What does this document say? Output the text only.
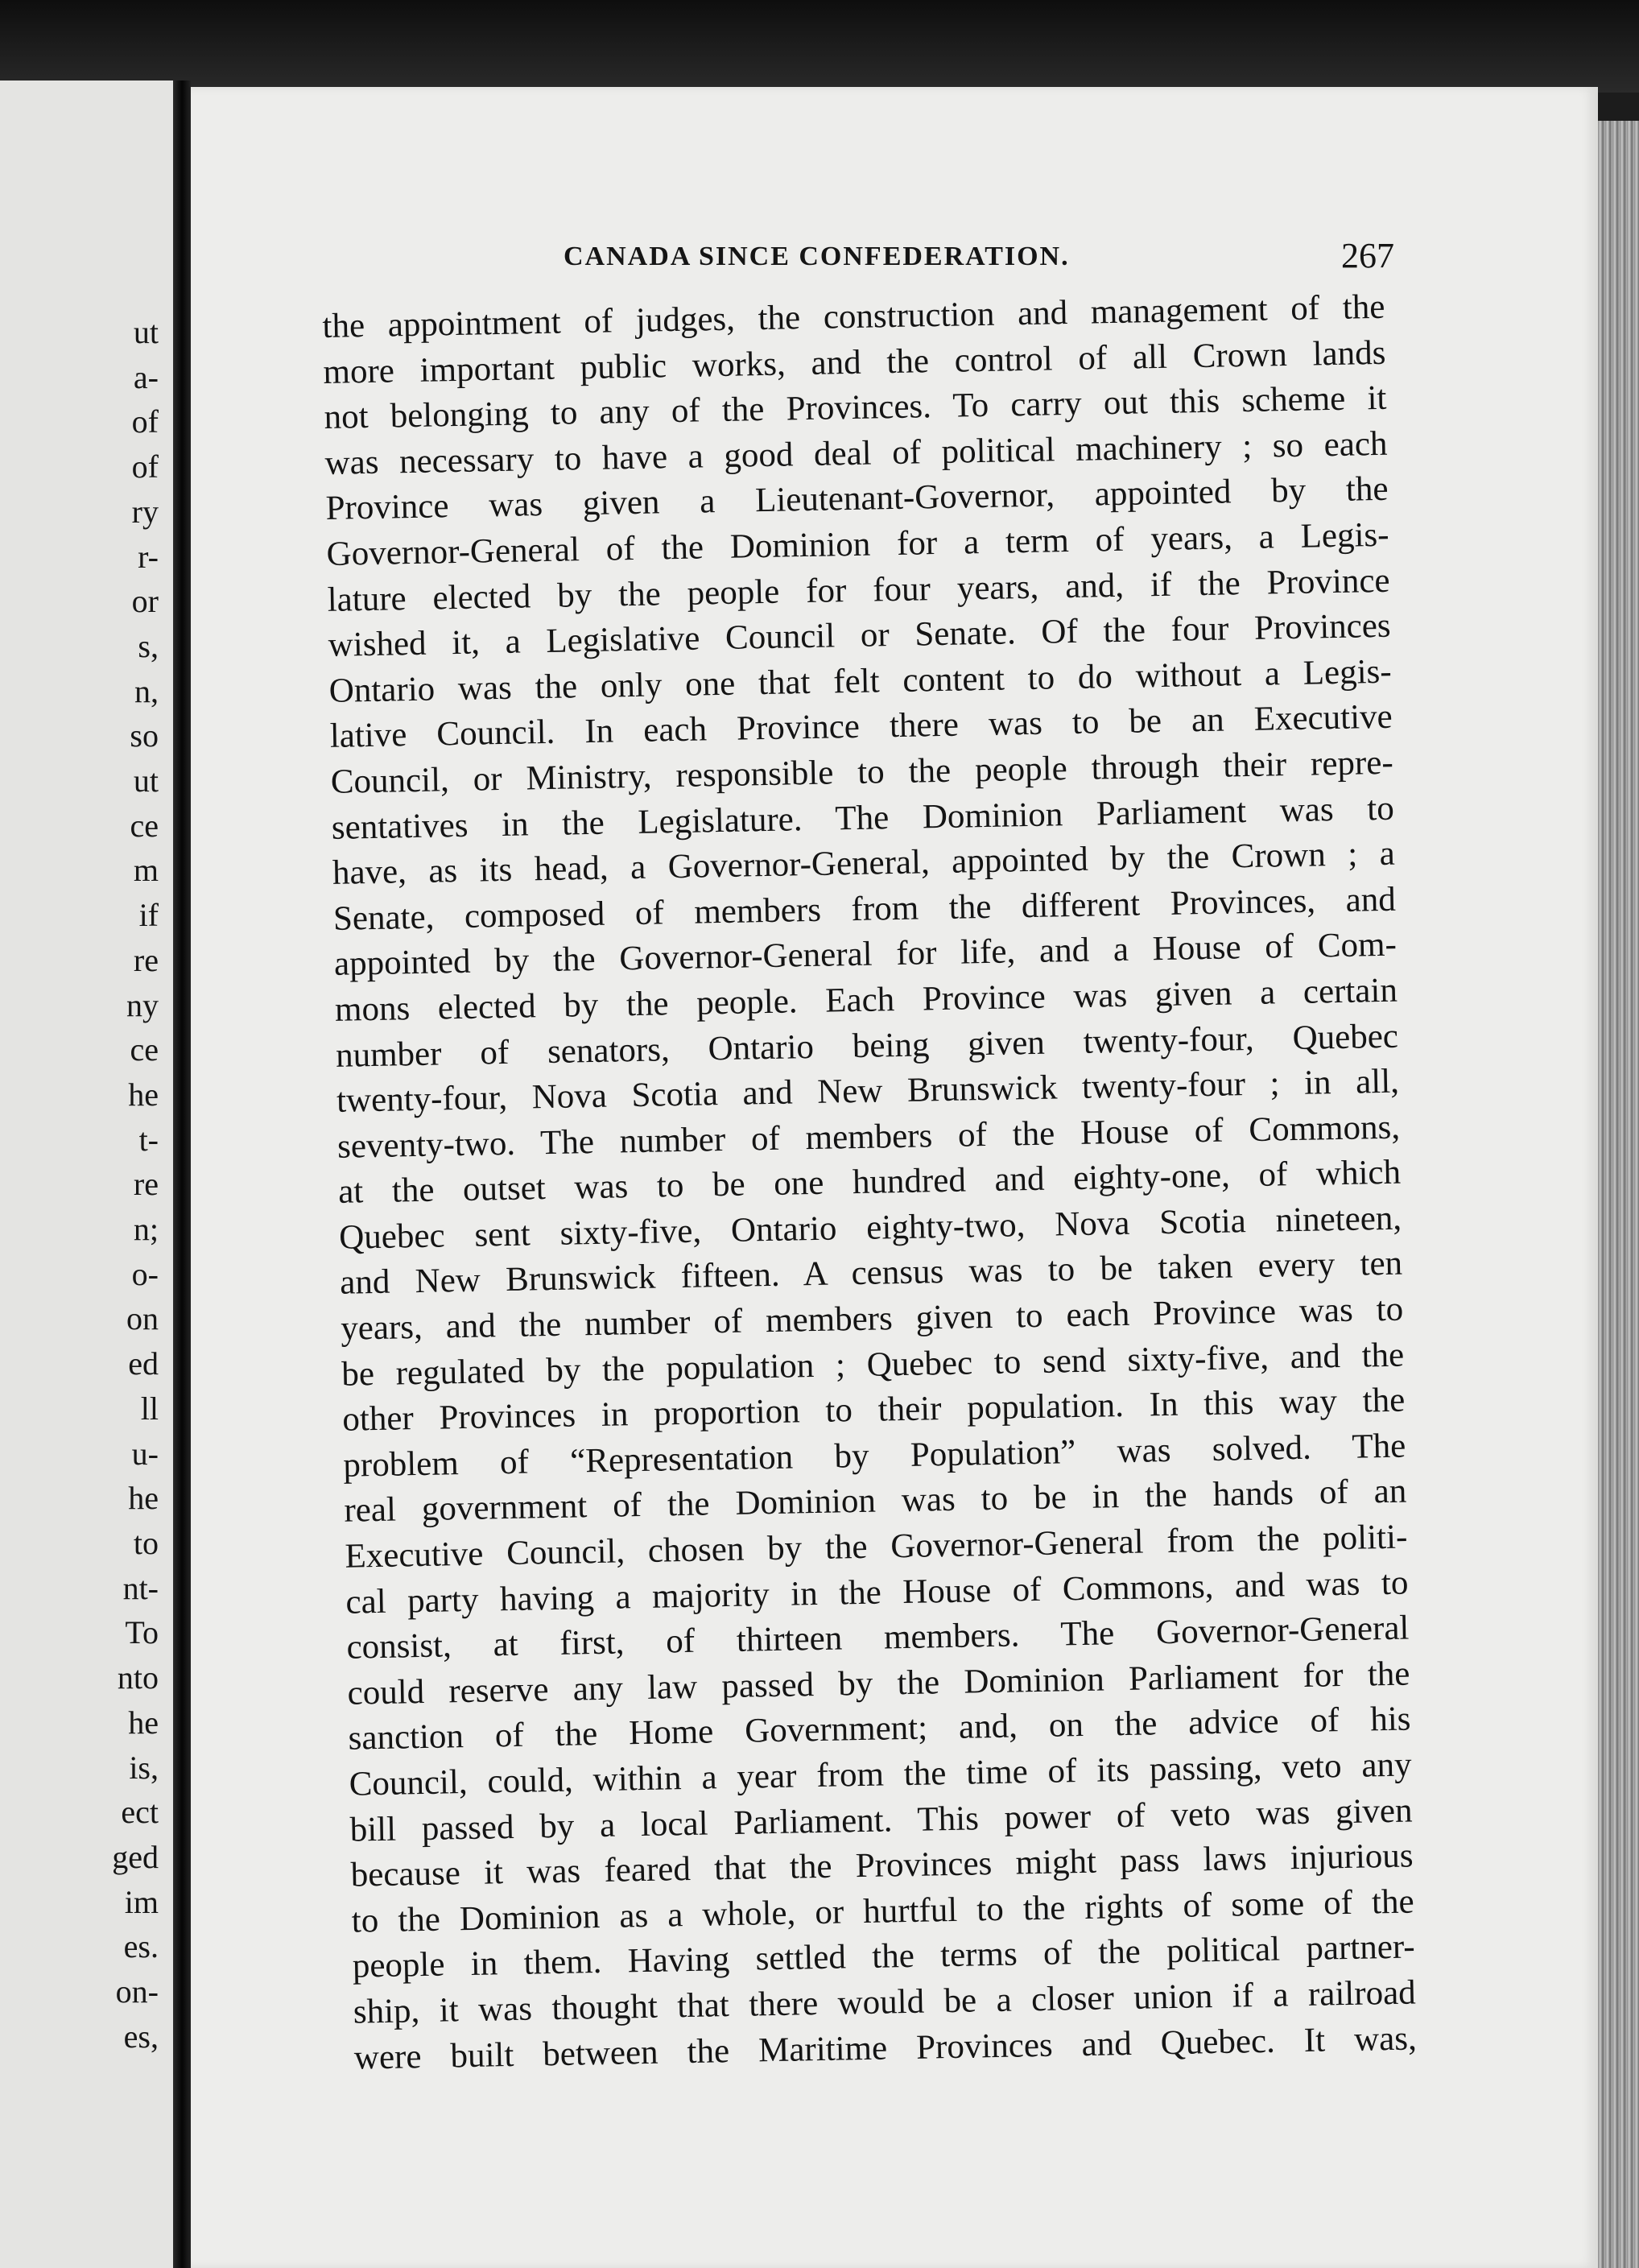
ut
a-
of
of
ry
r-
or
s,
n,
so
ut
ce
m
if
re
ny
ce
he
t-
re
n;
o-
on
ed
ll
u-
he
to
nt-
To
nto
he
is,
ect
ged
im
es.
on-
es,
CANADA SINCE CONFEDERATION.	267
the appointment of judges, the construction and management of the
more important public works, and the control of all Crown lands
not belonging to any of the Provinces. To carry out this scheme it
was necessary to have a good deal of political machinery ; so each
Province was given a Lieutenant-Governor, appointed by the
Governor-General of the Dominion for a term of years, a Legis-
lature elected by the people for four years, and, if the Province
wished it, a Legislative Council or Senate. Of the four Provinces
Ontario was the only one that felt content to do without a Legis-
lative Council. In each Province there was to be an Executive
Council, or Ministry, responsible to the people through their repre-
sentatives in the Legislature. The Dominion Parliament was to
have, as its head, a Governor-General, appointed by the Crown ; a
Senate, composed of members from the different Provinces, and
appointed by the Governor-General for life, and a House of Com-
mons elected by the people. Each Province was given a certain
number of senators, Ontario being given twenty-four, Quebec
twenty-four, Nova Scotia and New Brunswick twenty-four ; in all,
seventy-two. The number of members of the House of Commons,
at the outset was to be one hundred and eighty-one, of which
Quebec sent sixty-five, Ontario eighty-two, Nova Scotia nineteen,
and New Brunswick fifteen. A census was to be taken every ten
years, and the number of members given to each Province was to
be regulated by the population ; Quebec to send sixty-five, and the
other Provinces in proportion to their population. In this way the
problem of “Representation by Population” was solved. The
real government of the Dominion was to be in the hands of an
Executive Council, chosen by the Governor-General from the politi-
cal party having a majority in the House of Commons, and was to
consist, at first, of thirteen members. The Governor-General
could reserve any law passed by the Dominion Parliament for the
sanction of the Home Government; and, on the advice of his
Council, could, within a year from the time of its passing, veto any
bill passed by a local Parliament. This power of veto was given
because it was feared that the Provinces might pass laws injurious
to the Dominion as a whole, or hurtful to the rights of some of the
people in them. Having settled the terms of the political partner-
ship, it was thought that there would be a closer union if a railroad
were built between the Maritime Provinces and Quebec. It was,
